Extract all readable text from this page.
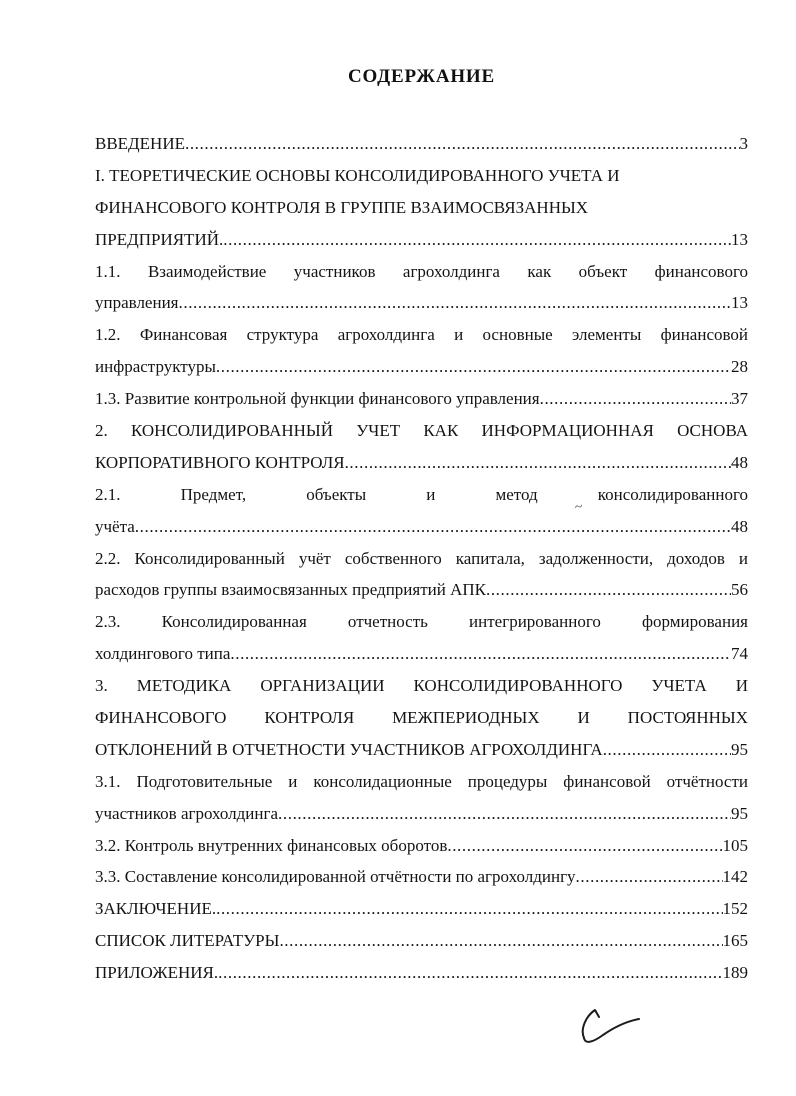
СОДЕРЖАНИЕ
ВВЕДЕНИЕ .....	3
I. ТЕОРЕТИЧЕСКИЕ ОСНОВЫ КОНСОЛИДИРОВАННОГО УЧЕТА И
ФИНАНСОВОГО КОНТРОЛЯ В ГРУППЕ ВЗАИМОСВЯЗАННЫХ
ПРЕДПРИЯТИЙ. .....	13
1.1. Взаимодействие участников агрохолдинга как объект финансового
управления .....	13
1.2. Финансовая структура агрохолдинга и основные элементы финансовой
инфраструктуры .....	28
1.3. Развитие контрольной функции финансового управления .....	37
2. КОНСОЛИДИРОВАННЫЙ УЧЕТ КАК ИНФОРМАЦИОННАЯ ОСНОВА
КОРПОРАТИВНОГО КОНТРОЛЯ .....	48
2.1. Предмет, объекты и метод консолидированного
учёта .....	48
2.2. Консолидированный учёт собственного капитала, задолженности, доходов и
расходов группы взаимосвязанных предприятий АПК .....	56
2.3. Консолидированная отчетность интегрированного формирования
холдингового типа .....	74
3. МЕТОДИКА ОРГАНИЗАЦИИ КОНСОЛИДИРОВАННОГО УЧЕТА И
ФИНАНСОВОГО КОНТРОЛЯ МЕЖПЕРИОДНЫХ И ПОСТОЯННЫХ
ОТКЛОНЕНИЙ В ОТЧЕТНОСТИ УЧАСТНИКОВ АГРОХОЛДИНГА .....	95
3.1. Подготовительные и консолидационные процедуры финансовой отчётности
участников агрохолдинга .....	95
3.2. Контроль внутренних финансовых оборотов .....	105
3.3. Составление консолидированной отчётности по агрохолдингу .....	142
ЗАКЛЮЧЕНИЕ. .....	152
СПИСОК ЛИТЕРАТУРЫ .....	165
ПРИЛОЖЕНИЯ. .....	189
~
